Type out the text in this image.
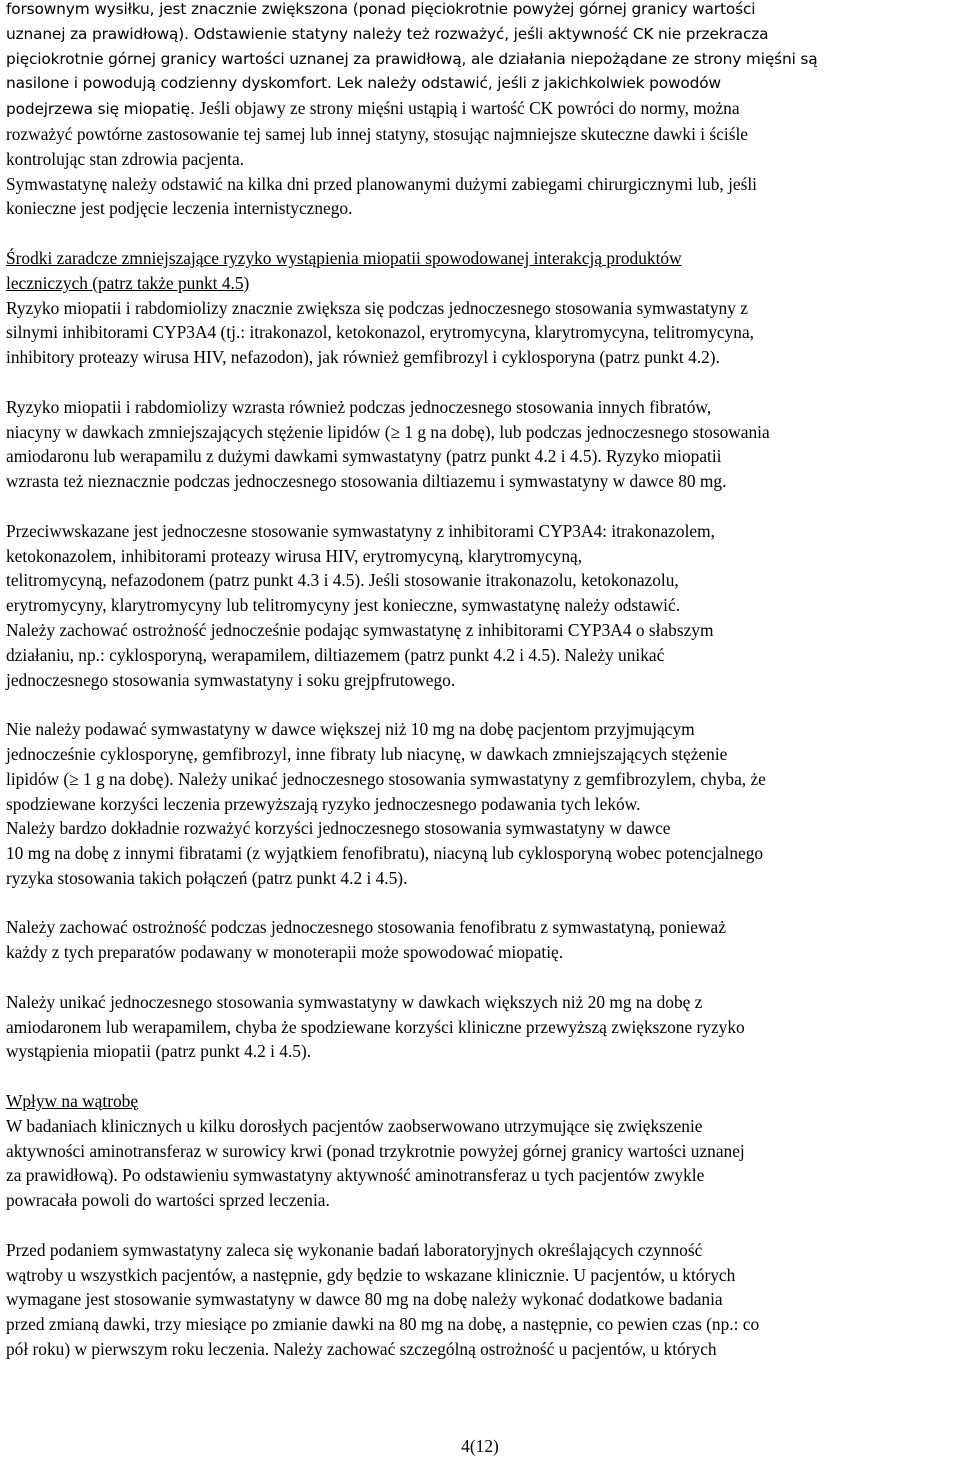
forsownym wysiłku, jest znacznie zwiększona (ponad pięciokrotnie powyżej górnej granicy wartości
uznanej za prawidłową). Odstawienie statyny należy też rozważyć, jeśli aktywność CK nie przekracza
pięciokrotnie górnej granicy wartości uznanej za prawidłową, ale działania niepożądane ze strony mięśni są
nasilone i powodują codzienny dyskomfort. Lek należy odstawić, jeśli z jakichkolwiek powodów
podejrzewa się miopatię. Jeśli objawy ze strony mięśni ustąpią i wartość CK powróci do normy, można
rozważyć powtórne zastosowanie tej samej lub innej statyny, stosując najmniejsze skuteczne dawki i ściśle
kontrolując stan zdrowia pacjenta.
Symwastatynę należy odstawić na kilka dni przed planowanymi dużymi zabiegami chirurgicznymi lub, jeśli
konieczne jest podjęcie leczenia internistycznego.
Środki zaradcze zmniejszające ryzyko wystąpienia miopatii spowodowanej interakcją produktów
leczniczych (patrz także punkt 4.5)
Ryzyko miopatii i rabdomiolizy znacznie zwiększa się podczas jednoczesnego stosowania symwastatyny z
silnymi inhibitorami CYP3A4 (tj.: itrakonazol, ketokonazol, erytromycyna, klarytromycyna, telitromycyna,
inhibitory proteazy wirusa HIV, nefazodon), jak również gemfibrozyl i cyklosporyna (patrz punkt 4.2).
Ryzyko miopatii i rabdomiolizy wzrasta również podczas jednoczesnego stosowania innych fibratów,
niacyny w dawkach zmniejszających stężenie lipidów (≥ 1 g na dobę), lub podczas jednoczesnego stosowania
amiodaronu lub werapamilu z dużymi dawkami symwastatyny (patrz punkt 4.2 i 4.5). Ryzyko miopatii
wzrasta też nieznacznie podczas jednoczesnego stosowania diltiazemu i symwastatyny w dawce 80 mg.
Przeciwwskazane jest jednoczesne stosowanie symwastatyny z inhibitorami CYP3A4: itrakonazolem,
ketokonazolem, inhibitorami proteazy wirusa HIV, erytromycyną, klarytromycyną,
telitromycyną, nefazodonem (patrz punkt 4.3 i 4.5). Jeśli stosowanie itrakonazolu, ketokonazolu,
erytromycyny, klarytromycyny lub telitromycyny jest konieczne, symwastatynę należy odstawić.
Należy zachować ostrożność jednocześnie podając symwastatynę z inhibitorami CYP3A4 o słabszym
działaniu, np.: cyklosporyną, werapamilem, diltiazemem (patrz punkt 4.2 i 4.5). Należy unikać
jednoczesnego stosowania symwastatyny i soku grejpfrutowego.
Nie należy podawać symwastatyny w dawce większej niż 10 mg na dobę pacjentom przyjmującym
jednocześnie cyklosporynę, gemfibrozyl, inne fibraty lub niacynę, w dawkach zmniejszających stężenie
lipidów (≥ 1 g na dobę). Należy unikać jednoczesnego stosowania symwastatyny z gemfibrozylem, chyba, że
spodziewane korzyści leczenia przewyższają ryzyko jednoczesnego podawania tych leków.
Należy bardzo dokładnie rozważyć korzyści jednoczesnego stosowania symwastatyny w dawce
10 mg na dobę z innymi fibratami (z wyjątkiem fenofibratu), niacyną lub cyklosporyną wobec potencjalnego
ryzyka stosowania takich połączeń (patrz punkt 4.2 i 4.5).
Należy zachować ostrożność podczas jednoczesnego stosowania fenofibratu z symwastatyną, ponieważ
każdy z tych preparatów podawany w monoterapii może spowodować miopatię.
Należy unikać jednoczesnego stosowania symwastatyny w dawkach większych niż 20 mg na dobę z
amiodaronem lub werapamilem, chyba że spodziewane korzyści kliniczne przewyższą zwiększone ryzyko
wystąpienia miopatii (patrz punkt 4.2 i 4.5).
Wpływ na wątrobę
W badaniach klinicznych u kilku dorosłych pacjentów zaobserwowano utrzymujące się zwiększenie
aktywności aminotransferaz w surowicy krwi (ponad trzykrotnie powyżej górnej granicy wartości uznanej
za prawidłową). Po odstawieniu symwastatyny aktywność aminotransferaz u tych pacjentów zwykle
powracała powoli do wartości sprzed leczenia.
Przed podaniem symwastatyny zaleca się wykonanie badań laboratoryjnych określających czynność
wątroby u wszystkich pacjentów, a następnie, gdy będzie to wskazane klinicznie. U pacjentów, u których
wymagane jest stosowanie symwastatyny w dawce 80 mg na dobę należy wykonać dodatkowe badania
przed zmianą dawki, trzy miesiące po zmianie dawki na 80 mg na dobę, a następnie, co pewien czas (np.: co
pół roku) w pierwszym roku leczenia. Należy zachować szczególną ostrożność u pacjentów, u których
4(12)
